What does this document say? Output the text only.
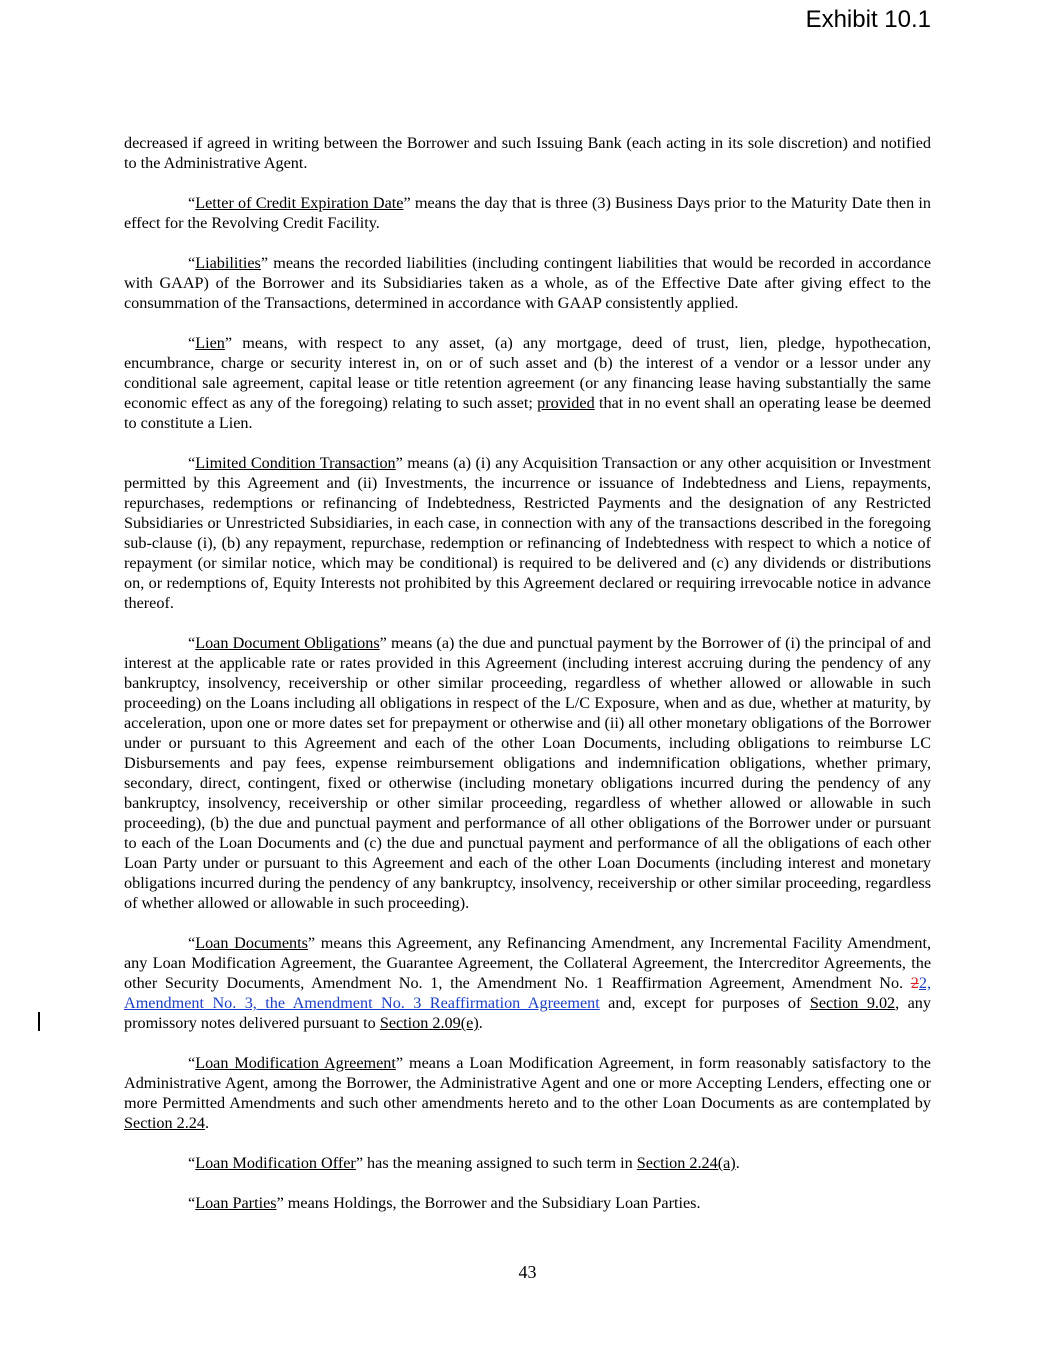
Exhibit 10.1

decreased if agreed in writing between the Borrower and such Issuing Bank (each acting in its sole discretion) and notified to the Administrative Agent.

“Letter of Credit Expiration Date” means the day that is three (3) Business Days prior to the Maturity Date then in effect for the Revolving Credit Facility.

“Liabilities” means the recorded liabilities (including contingent liabilities that would be recorded in accordance with GAAP) of the Borrower and its Subsidiaries taken as a whole, as of the Effective Date after giving effect to the consummation of the Transactions, determined in accordance with GAAP consistently applied.

“Lien” means, with respect to any asset, (a) any mortgage, deed of trust, lien, pledge, hypothecation, encumbrance, charge or security interest in, on or of such asset and (b) the interest of a vendor or a lessor under any conditional sale agreement, capital lease or title retention agreement (or any financing lease having substantially the same economic effect as any of the foregoing) relating to such asset; provided that in no event shall an operating lease be deemed to constitute a Lien.

“Limited Condition Transaction” means (a) (i) any Acquisition Transaction or any other acquisition or Investment permitted by this Agreement and (ii) Investments, the incurrence or issuance of Indebtedness and Liens, repayments, repurchases, redemptions or refinancing of Indebtedness, Restricted Payments and the designation of any Restricted Subsidiaries or Unrestricted Subsidiaries, in each case, in connection with any of the transactions described in the foregoing sub-clause (i), (b) any repayment, repurchase, redemption or refinancing of Indebtedness with respect to which a notice of repayment (or similar notice, which may be conditional) is required to be delivered and (c) any dividends or distributions on, or redemptions of, Equity Interests not prohibited by this Agreement declared or requiring irrevocable notice in advance thereof.

“Loan Document Obligations” means (a) the due and punctual payment by the Borrower of (i) the principal of and interest at the applicable rate or rates provided in this Agreement (including interest accruing during the pendency of any bankruptcy, insolvency, receivership or other similar proceeding, regardless of whether allowed or allowable in such proceeding) on the Loans including all obligations in respect of the L/C Exposure, when and as due, whether at maturity, by acceleration, upon one or more dates set for prepayment or otherwise and (ii) all other monetary obligations of the Borrower under or pursuant to this Agreement and each of the other Loan Documents, including obligations to reimburse LC Disbursements and pay fees, expense reimbursement obligations and indemnification obligations, whether primary, secondary, direct, contingent, fixed or otherwise (including monetary obligations incurred during the pendency of any bankruptcy, insolvency, receivership or other similar proceeding, regardless of whether allowed or allowable in such proceeding), (b) the due and punctual payment and performance of all other obligations of the Borrower under or pursuant to each of the Loan Documents and (c) the due and punctual payment and performance of all the obligations of each other Loan Party under or pursuant to this Agreement and each of the other Loan Documents (including interest and monetary obligations incurred during the pendency of any bankruptcy, insolvency, receivership or other similar proceeding, regardless of whether allowed or allowable in such proceeding).

“Loan Documents” means this Agreement, any Refinancing Amendment, any Incremental Facility Amendment, any Loan Modification Agreement, the Guarantee Agreement, the Collateral Agreement, the Intercreditor Agreements, the other Security Documents, Amendment No. 1, the Amendment No. 1 Reaffirmation Agreement, Amendment No. 22, Amendment No. 3, the Amendment No. 3 Reaffirmation Agreement and, except for purposes of Section 9.02, any promissory notes delivered pursuant to Section 2.09(e).

“Loan Modification Agreement” means a Loan Modification Agreement, in form reasonably satisfactory to the Administrative Agent, among the Borrower, the Administrative Agent and one or more Accepting Lenders, effecting one or more Permitted Amendments and such other amendments hereto and to the other Loan Documents as are contemplated by Section 2.24.

“Loan Modification Offer” has the meaning assigned to such term in Section 2.24(a).

“Loan Parties” means Holdings, the Borrower and the Subsidiary Loan Parties.

43
